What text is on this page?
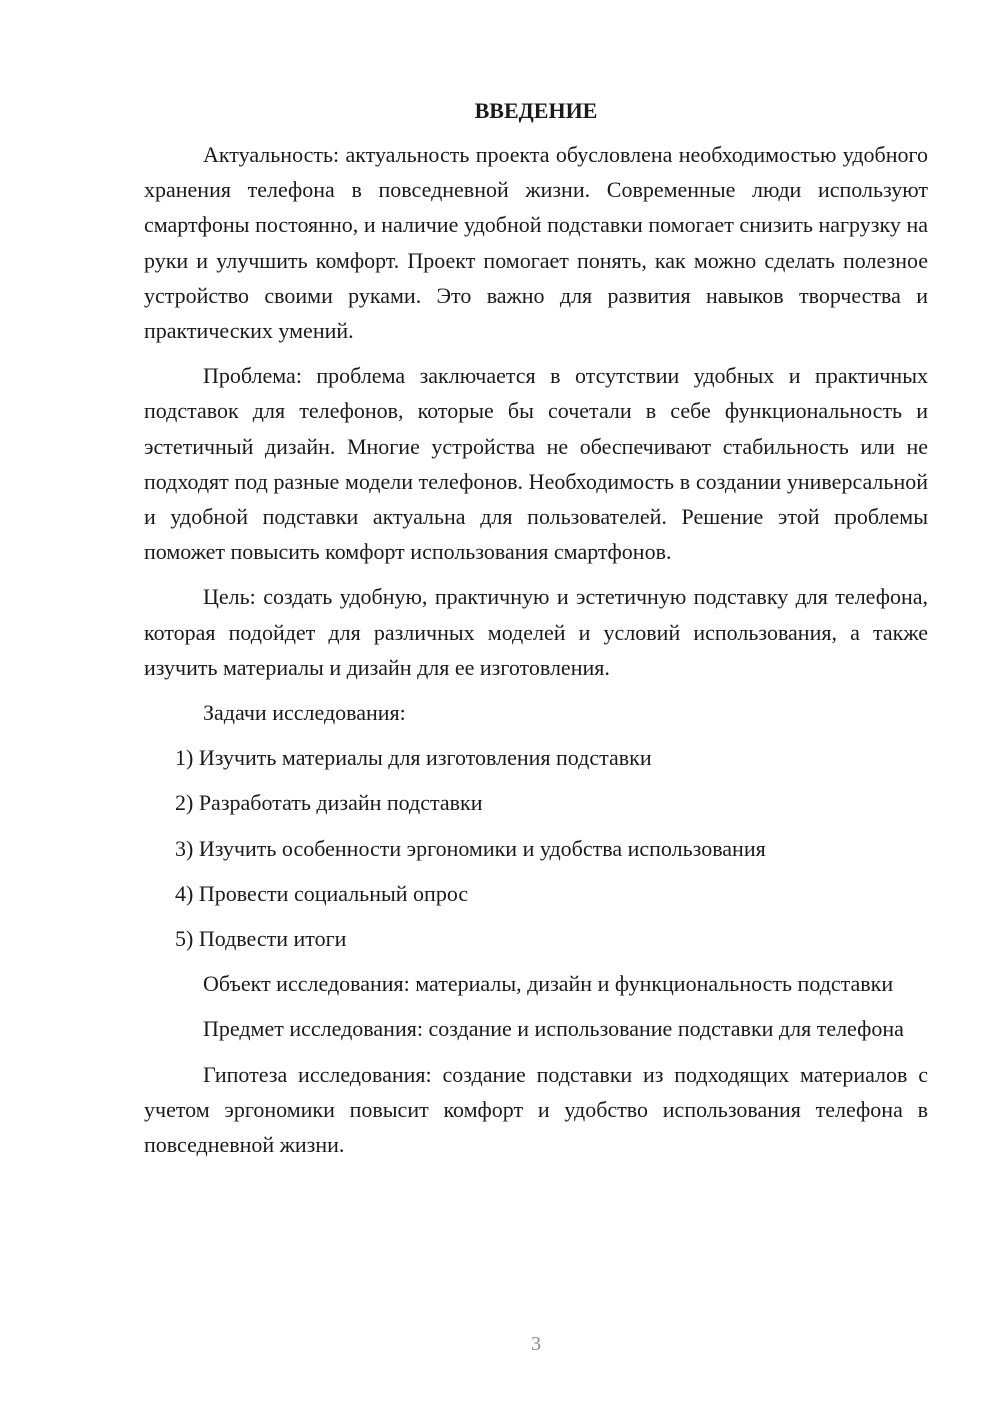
ВВЕДЕНИЕ

Актуальность: актуальность проекта обусловлена необходимостью удобного хранения телефона в повседневной жизни. Современные люди используют смартфоны постоянно, и наличие удобной подставки помогает снизить нагрузку на руки и улучшить комфорт. Проект помогает понять, как можно сделать полезное устройство своими руками. Это важно для развития навыков творчества и практических умений.

Проблема: проблема заключается в отсутствии удобных и практичных подставок для телефонов, которые бы сочетали в себе функциональность и эстетичный дизайн. Многие устройства не обеспечивают стабильность или не подходят под разные модели телефонов. Необходимость в создании универсальной и удобной подставки актуальна для пользователей. Решение этой проблемы поможет повысить комфорт использования смартфонов.

Цель: создать удобную, практичную и эстетичную подставку для телефона, которая подойдет для различных моделей и условий использования, а также изучить материалы и дизайн для ее изготовления.

Задачи исследования:

1) Изучить материалы для изготовления подставки
2) Разработать дизайн подставки
3) Изучить особенности эргономики и удобства использования
4) Провести социальный опрос
5) Подвести итоги

Объект исследования: материалы, дизайн и функциональность подставки

Предмет исследования: создание и использование подставки для телефона

Гипотеза исследования: создание подставки из подходящих материалов с учетом эргономики повысит комфорт и удобство использования телефона в повседневной жизни.

3
